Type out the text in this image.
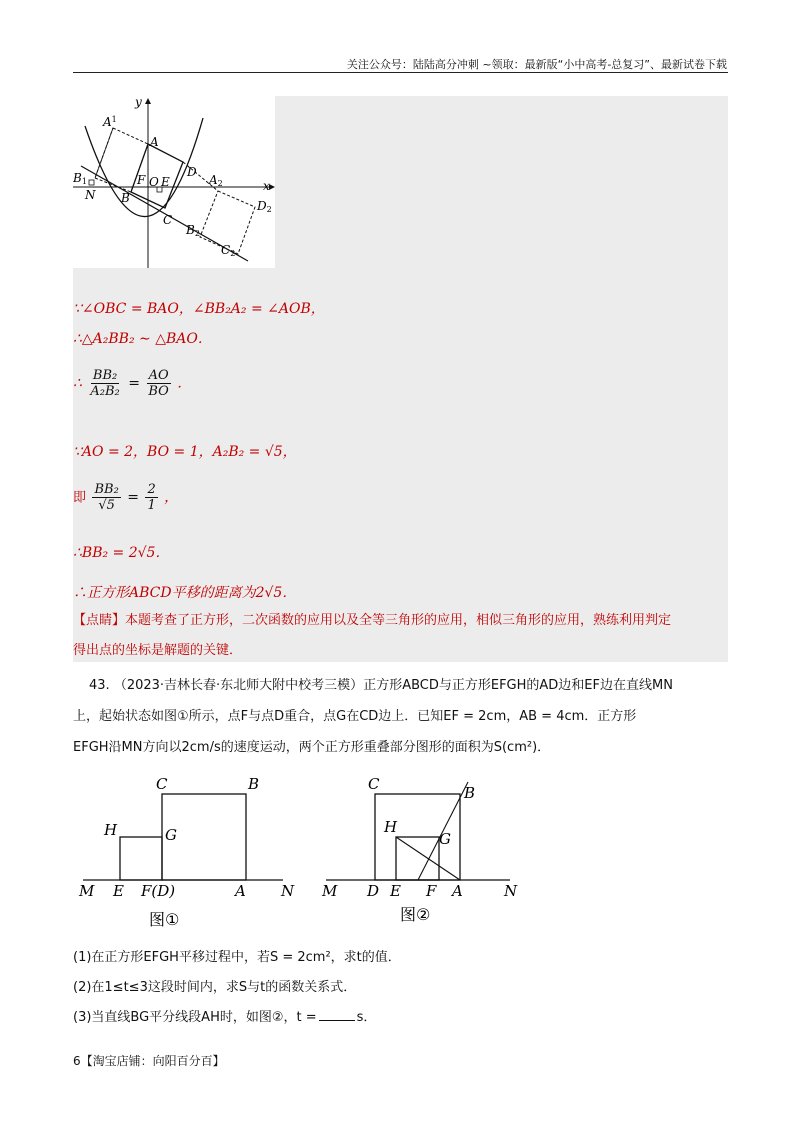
关注公众号：陆陆高分冲刺 ~领取：最新版“小中高考-总复习”、最新试卷下载
y
x
$A^1$
A
D
B1
N B
F O E	A2
D2
C
B2
C2
∵∠OBC = BAO，∠BB₂A₂ = ∠AOB，
∴△A₂BB₂ ∼ △BAO．
∴ $\frac{\text{BB₂}}{\text{A₂B₂}} = \frac{AO}{BO}$ ．
∵AO = 2，BO = 1，A₂B₂ = √5，
即 $\frac{\text{BB₂}}{√5} = \frac{2}{1}$ ，
∴BB₂ = 2√5．
∴正方形ABCD平移的距离为2√5．
【点睛】本题考查了正方形，二次函数的应用以及全等三角形的应用，相似三角形的应用，熟练利用判定
得出点的坐标是解题的关键．
43. （2023·吉林长春·东北师大附中校考三模）正方形ABCD与正方形EFGH的AD边和EF边在直线MN
上，起始状态如图①所示，点F与点D重合，点G在CD边上．已知EF = 2cm，AB = 4cm．正方形
EFGH沿MN方向以2cm/s的速度运动，两个正方形重叠部分图形的面积为S(cm²)．
C	B
H	G
M E F(D)	A N
图①
C	B
H
G
M D E F A	N
图②
(1)在正方形EFGH平移过程中，若S = 2cm²，求t的值．
(2)在1≤t≤3这段时间内，求S与t的函数关系式．
(3)当直线BG平分线段AH时，如图②，t =	s．
6【淘宝店铺：向阳百分百】
